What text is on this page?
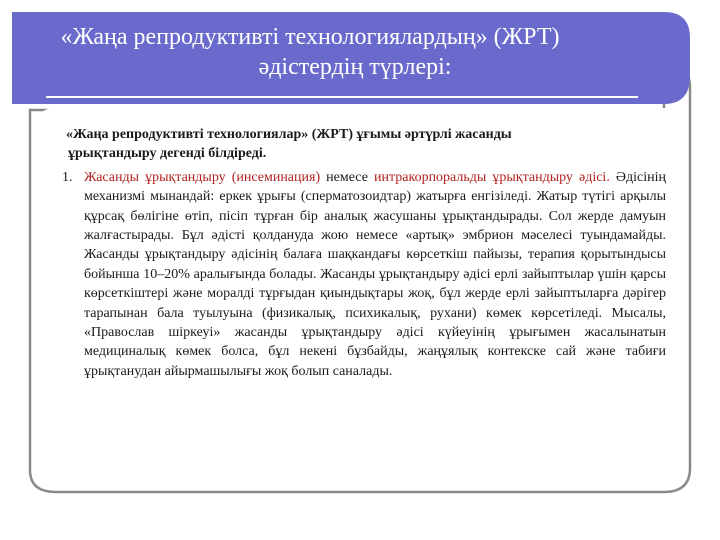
«Жаңа репродуктивті технологиялардың» (ЖРТ)
әдістердің түрлері:

«Жаңа репродуктивті технологиялар» (ЖРТ) ұғымы әртүрлі жасанды
ұрықтандыру дегенді білдіреді.

1. Жасанды ұрықтандыру (инсеминация) немесе интракорпоральды ұрықтандыру әдісі. Әдісінің механизмі мынандай: еркек ұрығы (сперматозоидтар) жатырға енгізіледі. Жатыр түтігі арқылы құрсақ бөлігіне өтіп, пісіп тұрған бір аналық жасушаны ұрықтандырады. Сол жерде дамуын жалғастырады. Бұл әдісті қолдануда жою немесе «артық» эмбрион мәселесі туындамайды. Жасанды ұрықтандыру әдісінің балаға шақкандағы көрсеткіш пайызы, терапия қорытындысы бойынша 10–20% аралығында болады. Жасанды ұрықтандыру әдісі ерлі зайыптылар үшін қарсы көрсеткіштері және моралді тұрғыдан қиындықтары жоқ, бұл жерде ерлі зайыптыларға дәрігер тарапынан бала туылуына (физикалық, психикалық, рухани) көмек көрсетіледі. Мысалы, «Православ шіркеуі» жасанды ұрықтандыру әдісі күйеуінің ұрығымен жасалынатын медициналық көмек болса, бұл некені бұзбайды, жаңұялық контекске сай және табиғи ұрықтанудан айырмашылығы жоқ болып саналады.
